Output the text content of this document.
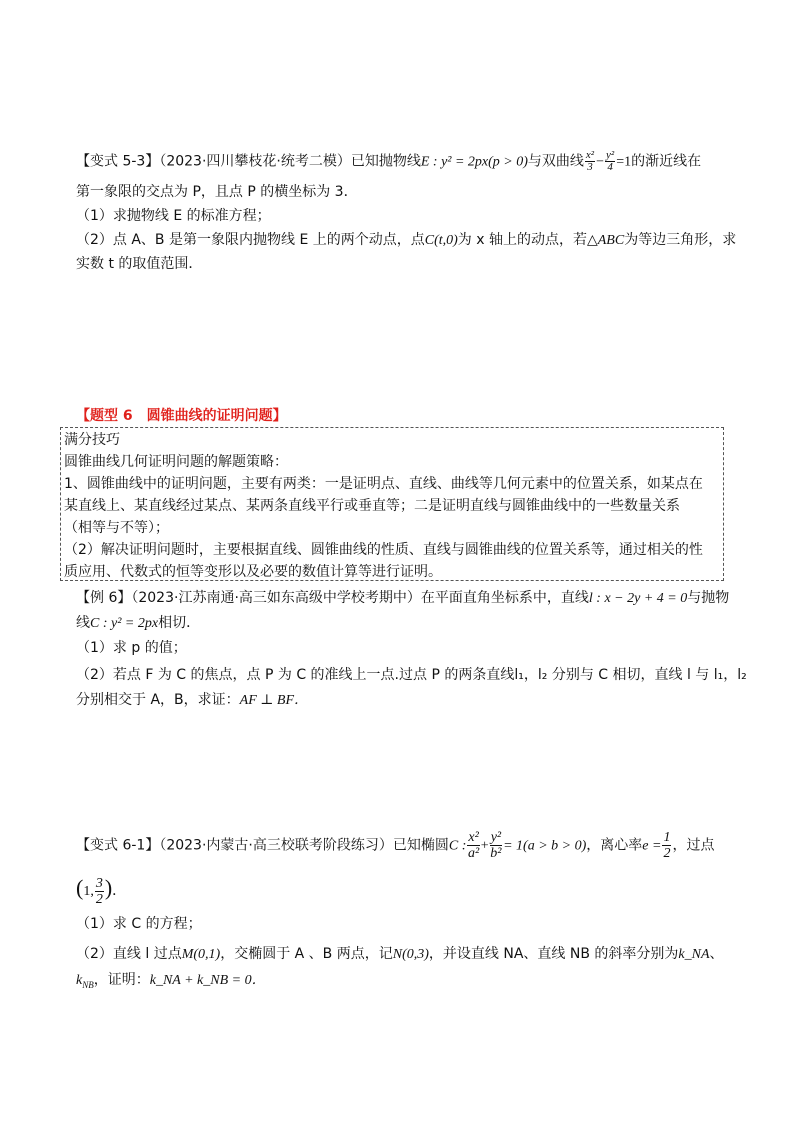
【变式 5-3】（2023·四川攀枝花·统考二模）已知抛物线E : y² = 2px(p > 0)与双曲线 $\frac{\text{x²}}{3} - \frac{\text{y²}}{4} =1$的渐近线在
第一象限的交点为 P，且点 P 的横坐标为 3．
（1）求抛物线 E 的标准方程；
（2）点 A、B 是第一象限内抛物线 E 上的两个动点，点C(t,0)为 x 轴上的动点，若△ABC为等边三角形，求
实数 t 的取值范围．
【题型 6　圆锥曲线的证明问题】
满分技巧
圆锥曲线几何证明问题的解题策略：
1、圆锥曲线中的证明问题，主要有两类：一是证明点、直线、曲线等几何元素中的位置关系，如某点在
某直线上、某直线经过某点、某两条直线平行或垂直等；二是证明直线与圆锥曲线中的一些数量关系
（相等与不等）；
（2）解决证明问题时，主要根据直线、圆锥曲线的性质、直线与圆锥曲线的位置关系等，通过相关的性
质应用、代数式的恒等变形以及必要的数值计算等进行证明。
【例 6】（2023·江苏南通·高三如东高级中学校考期中）在平面直角坐标系中，直线l : x − 2y + 4 = 0与抛物
线C : y² = 2px相切．
（1）求 p 的值；
（2）若点 F 为 C 的焦点，点 P 为 C 的准线上一点.过点 P 的两条直线l₁，l₂ 分别与 C 相切，直线 l 与 l₁，l₂
分别相交于 A，B，求证：AF ⊥ BF．
【变式 6-1】（2023·内蒙古·高三校联考阶段练习）已知椭圆C : $\frac{\text{x²}}{\text{a²}} + \frac{\text{y²}}{\text{b²}} = 1(a > b > 0)$，离心率$e = \frac{1}{2}$ ，过点
(1, $\frac{3}{2}$ )．
（1）求 C 的方程；
（2）直线 l 过点M(0,1)，交椭圆于 A 、B 两点，记N(0,3)，并设直线 NA、直线 NB 的斜率分别为k_NA、
$k_{NB}$，证明：k_NA + k_NB = 0．
